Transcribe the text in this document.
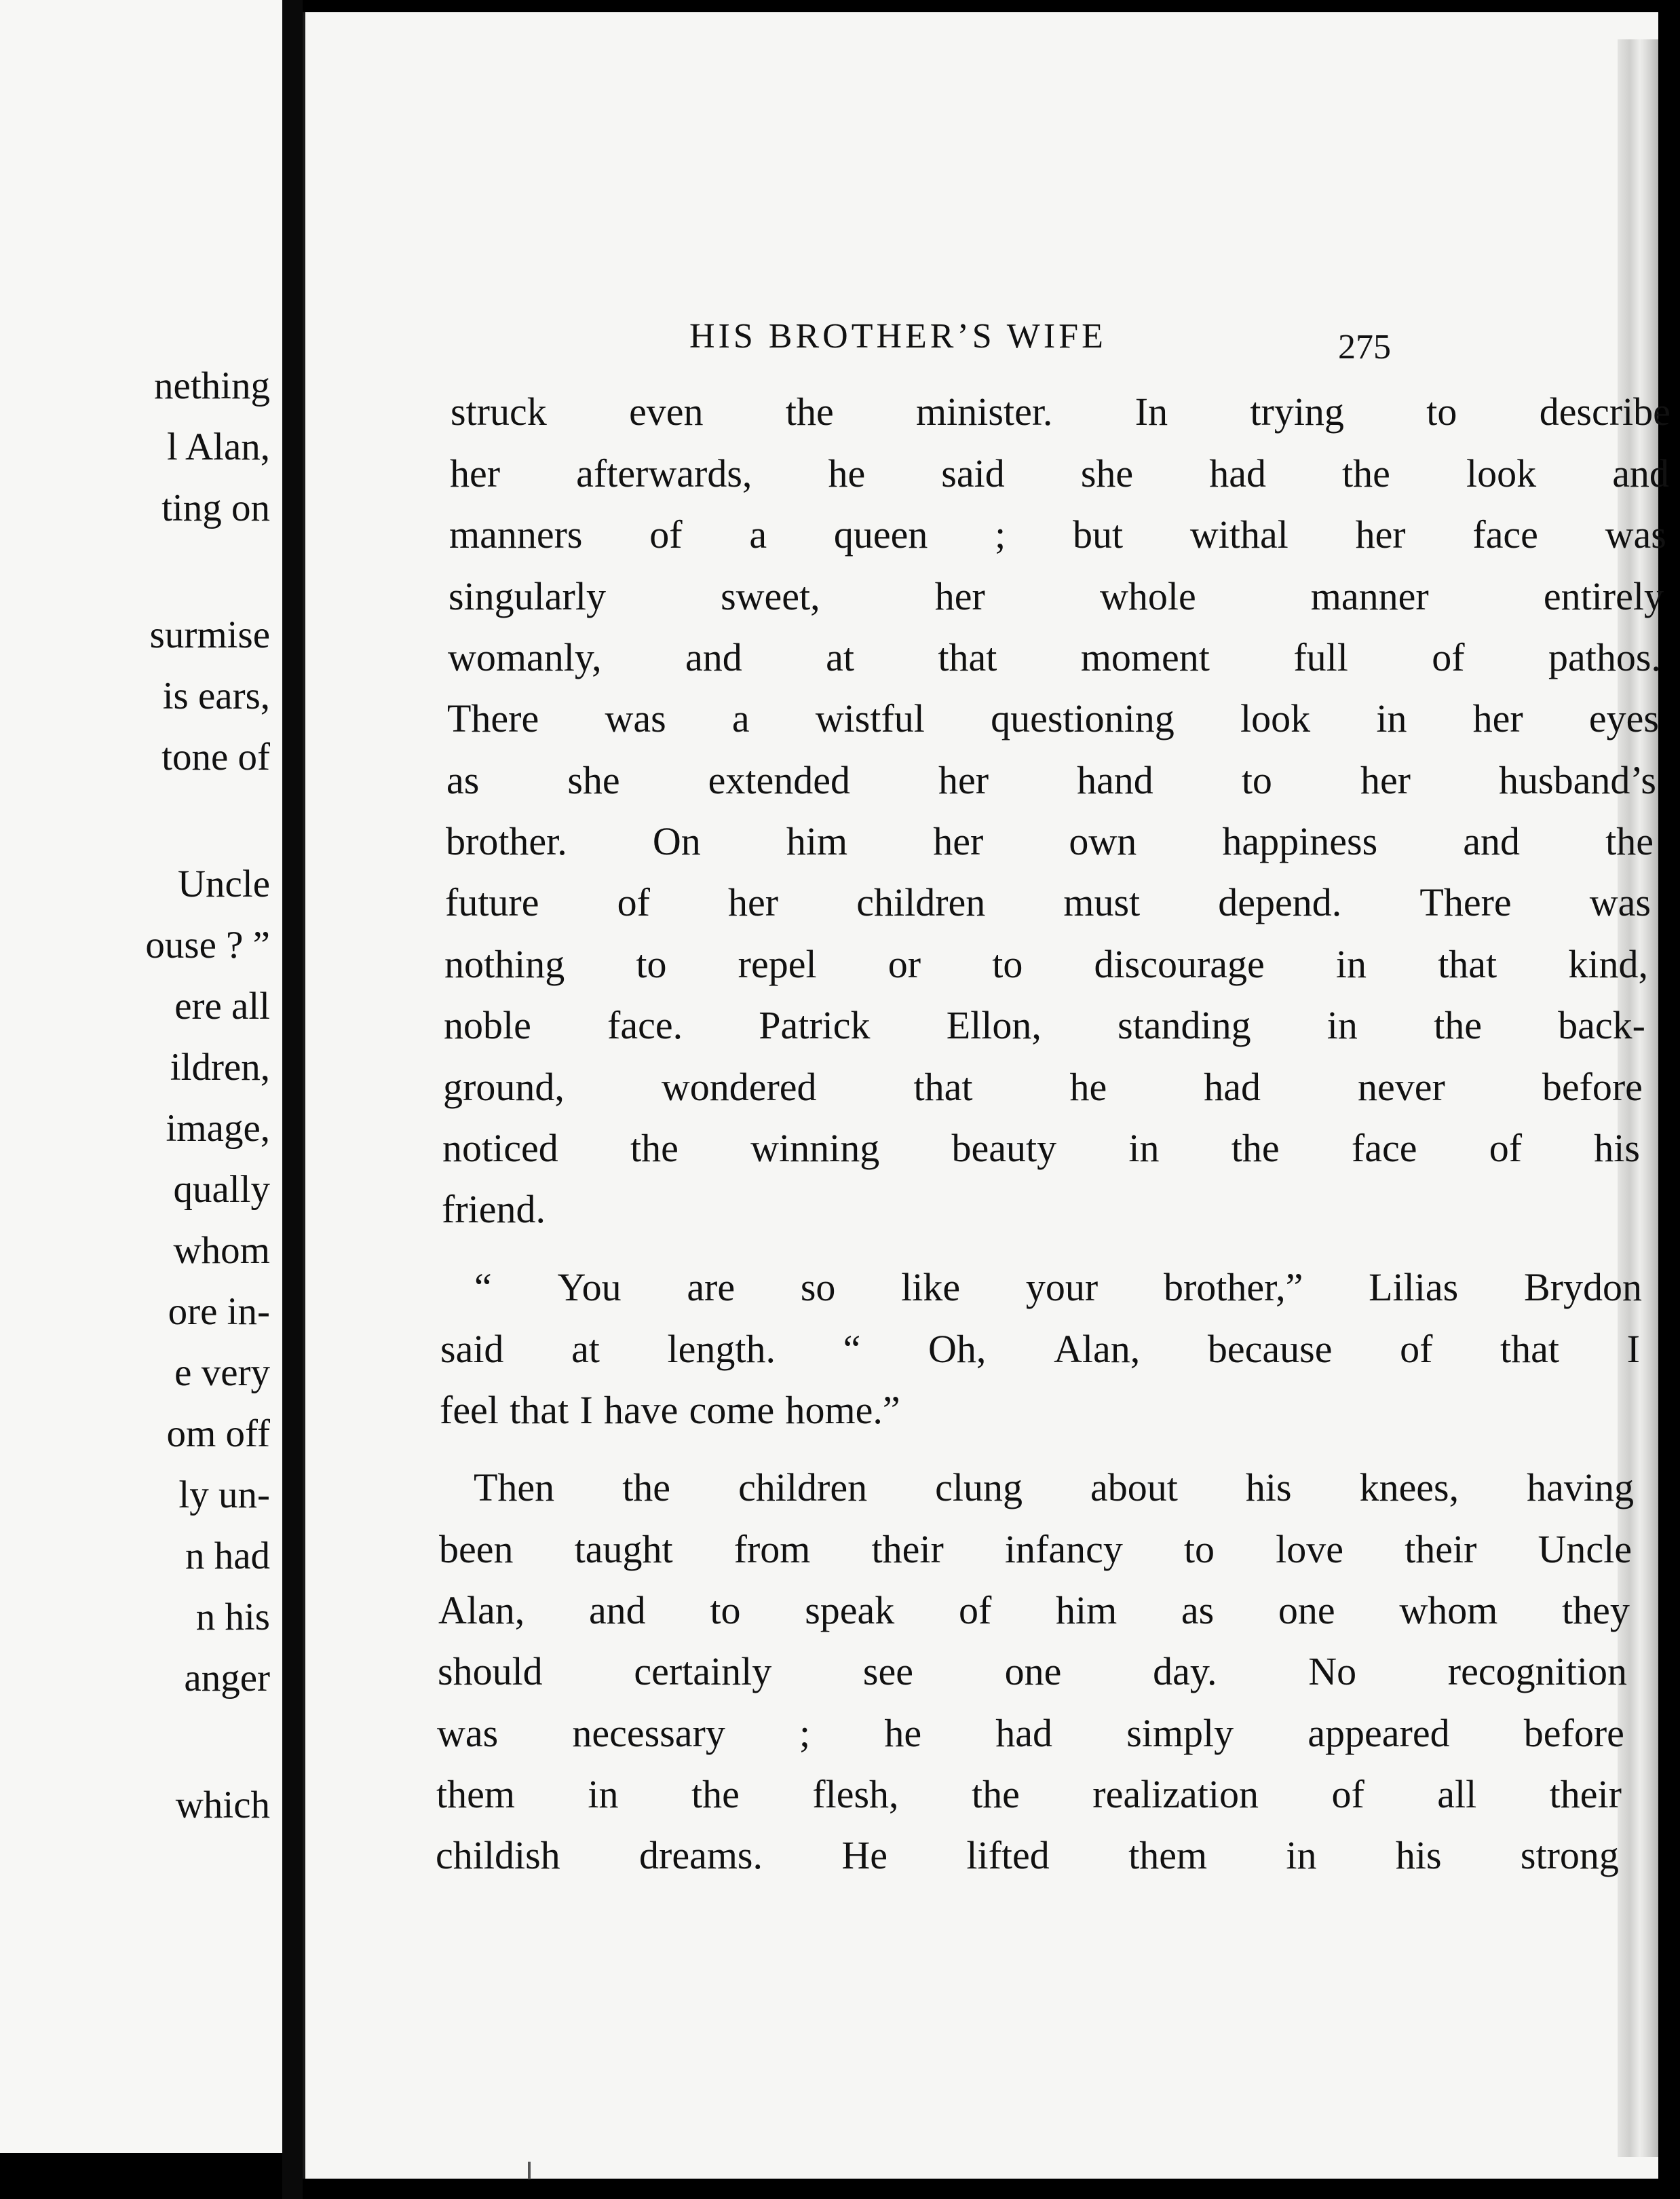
nething
l Alan,
ting on
surmise
is ears,
tone of
Uncle
ouse ? ”
ere all
ildren,
image,
qually
whom
ore in-
e very
om off
ly un-
n had
n his
anger
which
HIS BROTHER’S WIFE	275
struck even the minister. In trying to describe
her afterwards, he said she had the look and
manners of a queen ; but withal her face was
singularly	sweet,	her	whole	manner	entirely
womanly, and at that moment full of pathos.
There was a wistful questioning look in her eyes
as she extended her hand to her husband’s
brother. On him her own happiness and the
future of her children must depend. There was
nothing to repel or to discourage in that kind,
noble face. Patrick Ellon, standing in the back-
ground, wondered that he had never before
noticed the winning beauty in the face of his
friend.
“ You are so like your brother,” Lilias Brydon
said at length. “ Oh, Alan, because of that I
feel that I have come home.”
Then the children clung about his knees, having
been taught from their infancy to love their Uncle
Alan, and to speak of him as one whom they
should certainly see one day. No recognition
was necessary ; he had simply appeared before
them in the flesh, the realization of all their
childish dreams. He lifted them in his strong
